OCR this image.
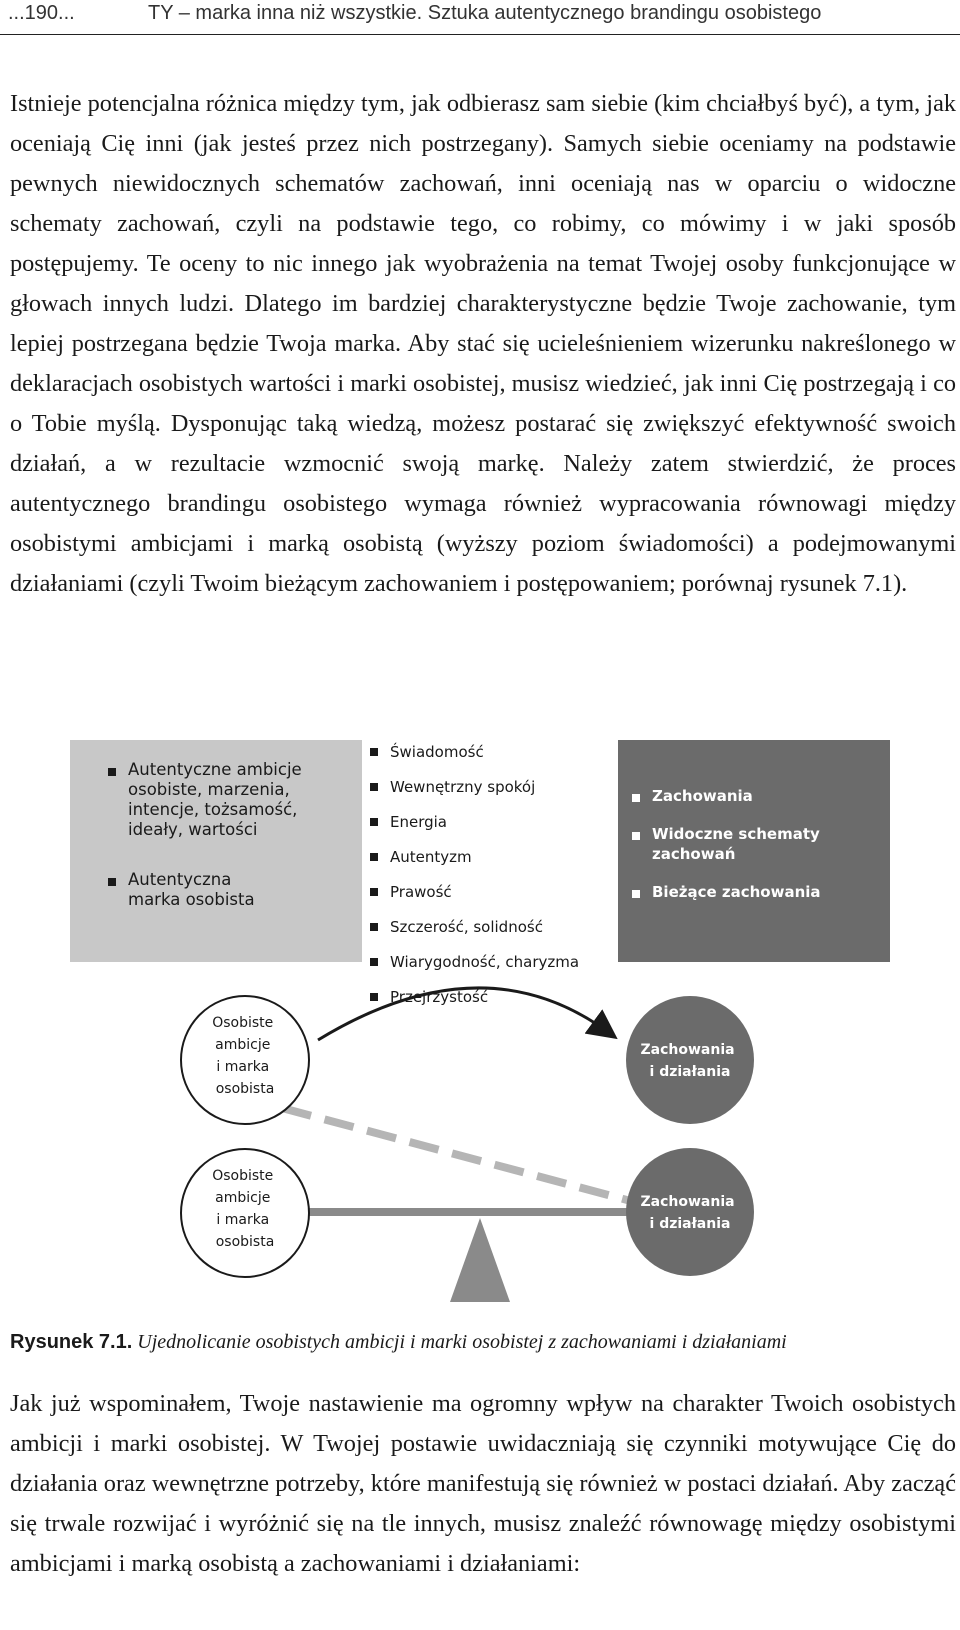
...190...	TY – marka inna niż wszystkie. Sztuka autentycznego brandingu osobistego

Istnieje potencjalna różnica między tym, jak odbierasz sam siebie (kim chciałbyś być), a tym, jak oceniają Cię inni (jak jesteś przez nich postrzegany). Samych siebie oceniamy na podstawie pewnych niewidocznych schematów zachowań, inni oceniają nas w oparciu o widoczne schematy zachowań, czyli na podstawie tego, co robimy, co mówimy i w jaki sposób postępujemy. Te oceny to nic innego jak wyobrażenia na temat Twojej osoby funkcjonujące w głowach innych ludzi. Dlatego im bardziej charakterystyczne będzie Twoje zachowanie, tym lepiej postrzegana będzie Twoja marka. Aby stać się ucieleśnieniem wizerunku nakreślonego w deklaracjach osobistych wartości i marki osobistej, musisz wiedzieć, jak inni Cię postrzegają i co o Tobie myślą. Dysponując taką wiedzą, możesz postarać się zwiększyć efektywność swoich działań, a w rezultacie wzmocnić swoją markę. Należy zatem stwierdzić, że proces autentycznego brandingu osobistego wymaga również wypracowania równowagi między osobistymi ambicjami i marką osobistą (wyższy poziom świadomości) a podejmowanymi działaniami (czyli Twoim bieżącym zachowaniem i postępowaniem; porównaj rysunek 7.1).

Autentyczne ambicje osobiste, marzenia, intencje, tożsamość, ideały, wartości
Autentyczna marka osobista
Świadomość
Wewnętrzny spokój
Energia
Autentyzm
Prawość
Szczerość, solidność
Wiarygodność, charyzma
Przejrzystość
Zachowania
Widoczne schematy zachowań
Bieżące zachowania
Osobiste ambicje i marka osobista
Zachowania i działania
Osobiste ambicje i marka osobista
Zachowania i działania
Rysunek 7.1. Ujednolicanie osobistych ambicji i marki osobistej z zachowaniami i działaniami

Jak już wspominałem, Twoje nastawienie ma ogromny wpływ na charakter Twoich osobistych ambicji i marki osobistej. W Twojej postawie uwidaczniają się czynniki motywujące Cię do działania oraz wewnętrzne potrzeby, które manifestują się również w postaci działań. Aby zacząć się trwale rozwijać i wyróżnić się na tle innych, musisz znaleźć równowagę między osobistymi ambicjami i marką osobistą a zachowaniami i działaniami:
